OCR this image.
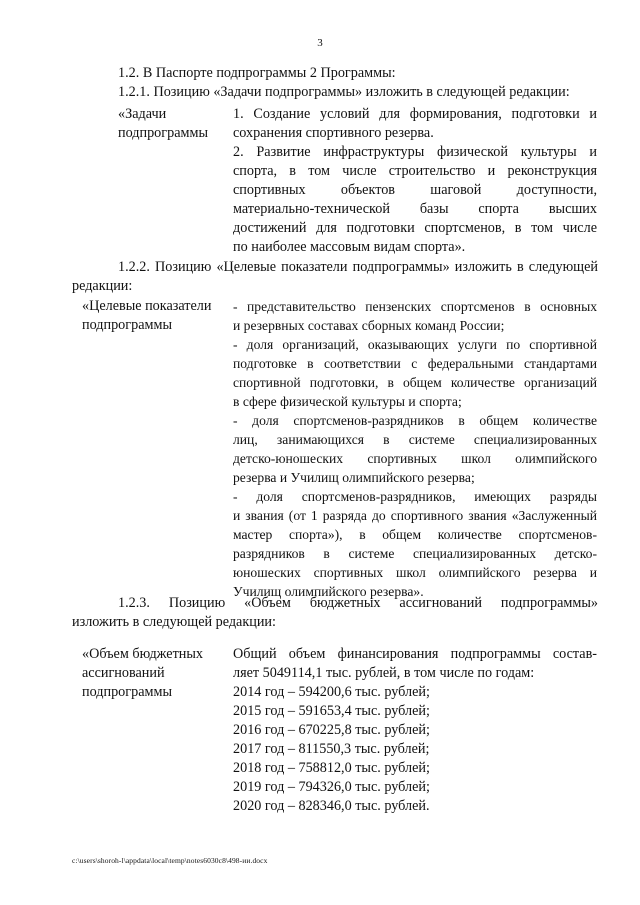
3
1.2. В Паспорте подпрограммы 2 Программы:
1.2.1. Позицию «Задачи подпрограммы» изложить в следующей редакции:
«Задачи
подпрограммы
1. Создание условий для формирования, подготовки и
сохранения спортивного резерва.
2. Развитие инфраструктуры физической культуры и
спорта, в том числе строительство и реконструкция
спортивных объектов шаговой доступности,
материально-технической базы спорта высших
достижений для подготовки спортсменов, в том числе
по наиболее массовым видам спорта».
1.2.2. Позицию «Целевые показатели подпрограммы» изложить в следующей
редакции:
«Целевые показатели
подпрограммы
- представительство пензенских спортсменов в основных
и резервных составах сборных команд России;
- доля организаций, оказывающих услуги по спортивной
подготовке в соответствии с федеральными стандартами
спортивной подготовки, в общем количестве организаций
в сфере физической культуры и спорта;
- доля спортсменов-разрядников в общем количестве
лиц, занимающихся в системе специализированных
детско-юношеских спортивных школ олимпийского
резерва и Училищ олимпийского резерва;
- доля спортсменов-разрядников, имеющих разряды
и звания (от 1 разряда до спортивного звания «Заслуженный
мастер спорта»), в общем количестве спортсменов-
разрядников в системе специализированных детско-
юношеских спортивных школ олимпийского резерва и
Училищ олимпийского резерва».
1.2.3. Позицию «Объем бюджетных ассигнований подпрограммы»
изложить в следующей редакции:
«Объем бюджетных
ассигнований
подпрограммы
Общий объем финансирования подпрограммы состав-
ляет 5049114,1 тыс. рублей, в том числе по годам:
2014 год – 594200,6 тыс. рублей;
2015 год – 591653,4 тыс. рублей;
2016 год – 670225,8 тыс. рублей;
2017 год – 811550,3 тыс. рублей;
2018 год – 758812,0 тыс. рублей;
2019 год – 794326,0 тыс. рублей;
2020 год – 828346,0 тыс. рублей.
c:\users\shoroh-l\appdata\local\temp\notes6030c8\498-ии.docx
